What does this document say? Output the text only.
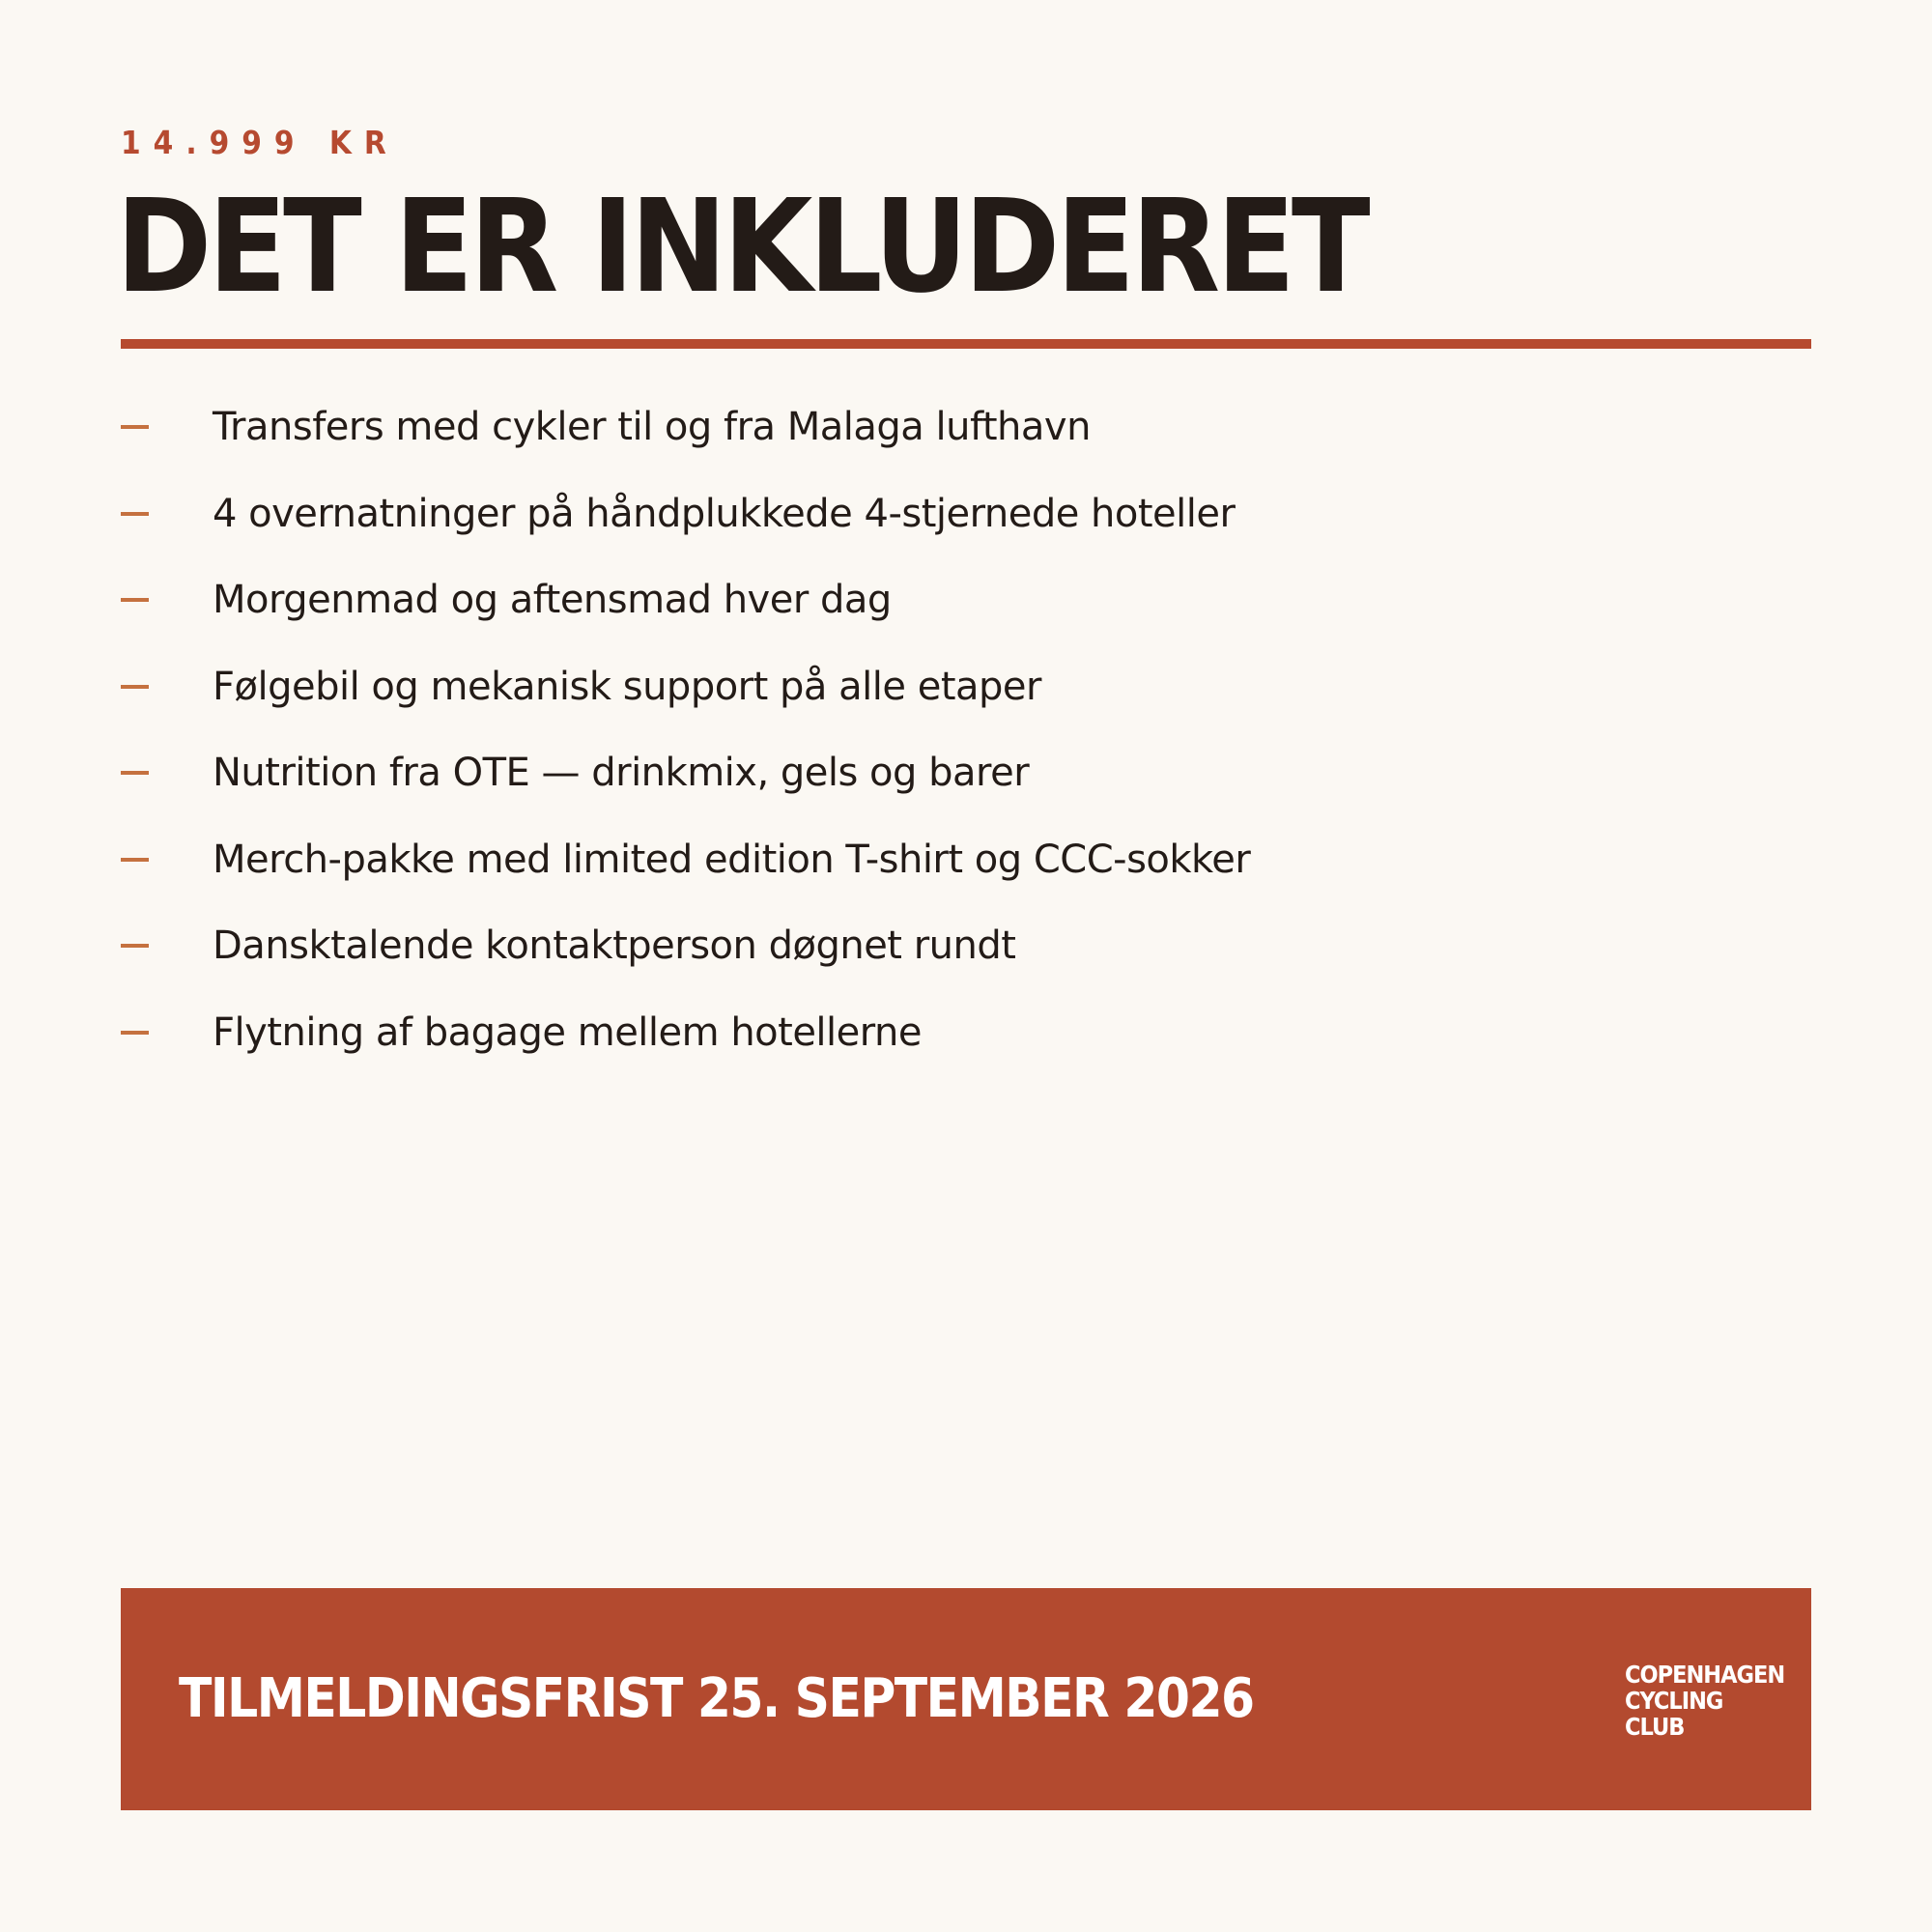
14.999 KR
DET ER INKLUDERET
Transfers med cykler til og fra Malaga lufthavn
4 overnatninger på håndplukkede 4-stjernede hoteller
Morgenmad og aftensmad hver dag
Følgebil og mekanisk support på alle etaper
Nutrition fra OTE — drinkmix, gels og barer
Merch-pakke med limited edition T-shirt og CCC-sokker
Dansktalende kontaktperson døgnet rundt
Flytning af bagage mellem hotellerne
TILMELDINGSFRIST 25. SEPTEMBER 2026	COPENHAGEN
CYCLING
CLUB
